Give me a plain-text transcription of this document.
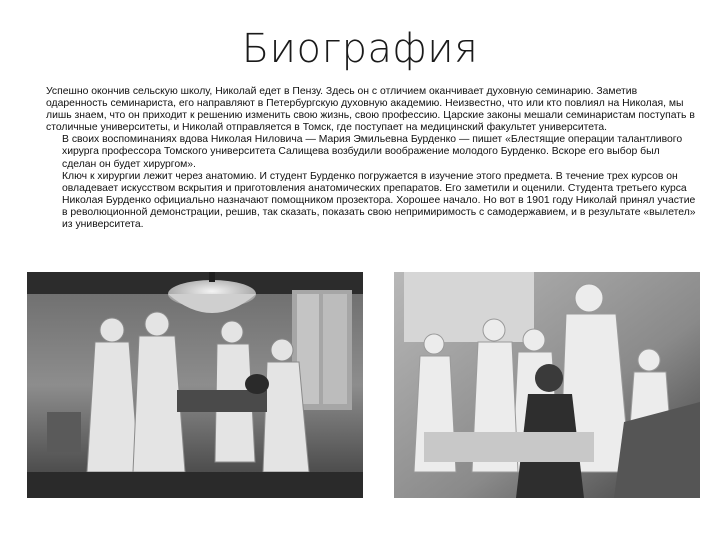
Биография

Успешно окончив сельскую школу, Николай едет в Пензу. Здесь он с отличием оканчивает духовную семинарию. Заметив одаренность семинариста, его направляют в Петербургскую духовную академию. Неизвестно, что или кто повлиял на Николая, мы лишь знаем, что он приходит к решению изменить свою жизнь, свою профессию. Царские законы мешали семинаристам поступать в столичные университеты, и Николай отправляется в Томск, где поступает на медицинский факультет университета.

В своих воспоминаниях вдова Николая Ниловича — Мария Эмильевна Бурденко — пишет «Блестящие операции талантливого хирурга профессора Томского университета Салищева возбудили воображение молодого Бурденко. Вскоре его выбор был сделан он будет хирургом».

Ключ к хирургии лежит через анатомию. И студент Бурденко погружается в изучение этого предмета. В течение трех курсов он овладевает искусством вскрытия и приготовления анатомических препаратов. Его заметили и оценили. Студента третьего курса Николая Бурденко официально назначают помощником прозектора. Хорошее начало. Но вот в 1901 году Николай принял участие в революционной демонстрации, решив, так сказать, показать свою непримиримость с самодержавием, и в результате «вылетел» из университета.
